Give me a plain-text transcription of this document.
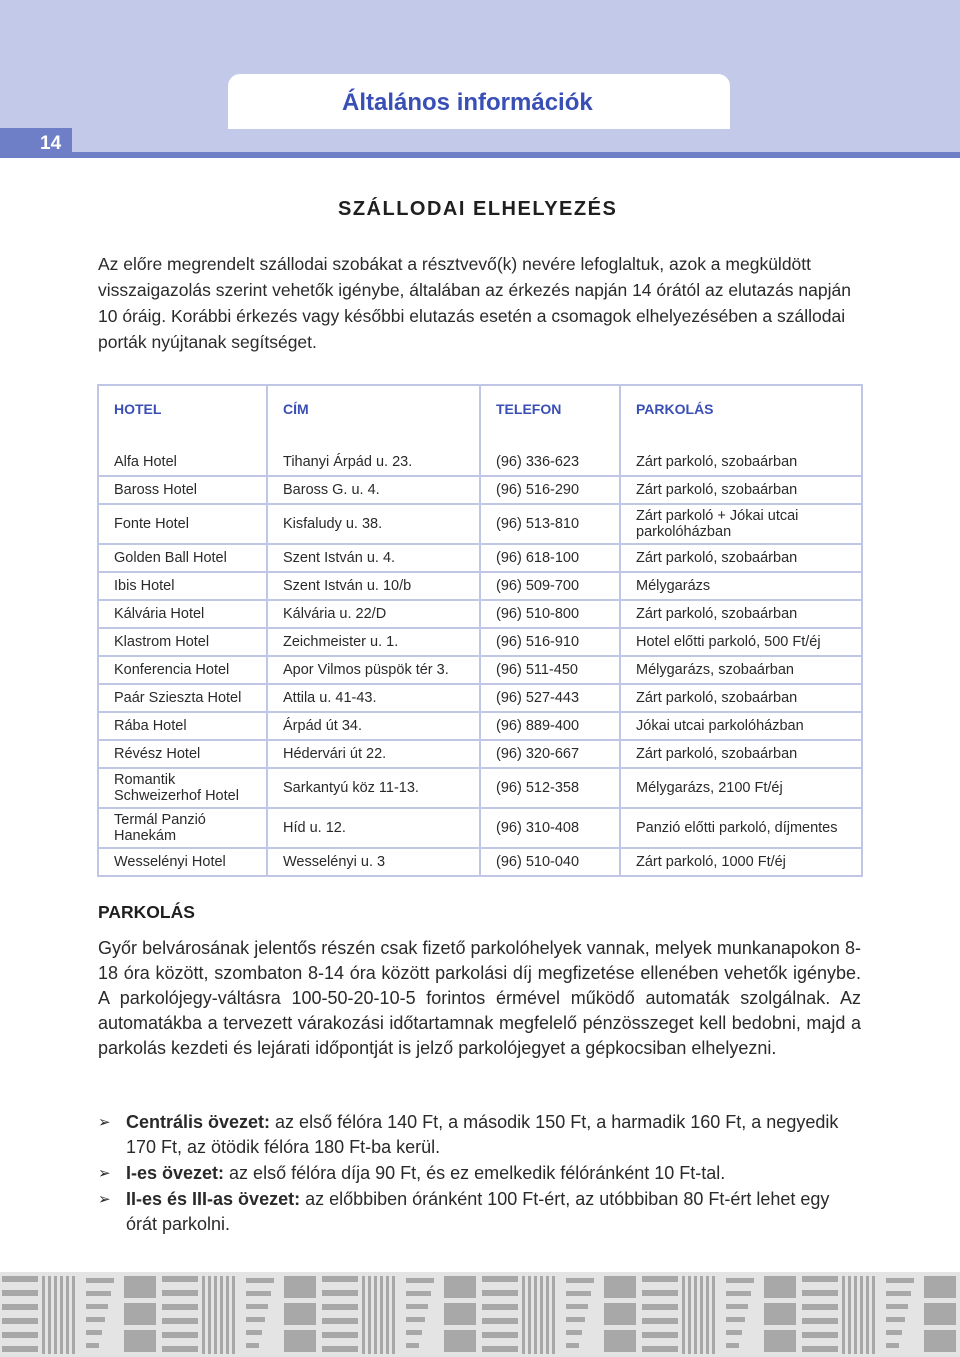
14
Általános információk
SZÁLLODAI ELHELYEZÉS

Az előre megrendelt szállodai szobákat a résztvevő(k) nevére lefoglaltuk, azok a megküldött visszaigazolás szerint vehetők igénybe, általában az érkezés napján 14 órától az elutazás napján 10 óráig. Korábbi érkezés vagy későbbi elutazás esetén a csomagok elhelyezésében a szállodai porták nyújtanak segítséget.

HOTEL	CÍM	TELEFON	PARKOLÁS
Alfa Hotel	Tihanyi Árpád u. 23.	(96) 336-623	Zárt parkoló, szobaárban
Baross Hotel	Baross G. u. 4.	(96) 516-290	Zárt parkoló, szobaárban
Fonte Hotel	Kisfaludy u. 38.	(96) 513-810	Zárt parkoló + Jókai utcai parkolóházban
Golden Ball Hotel	Szent István u. 4.	(96) 618-100	Zárt parkoló, szobaárban
Ibis Hotel	Szent István u. 10/b	(96) 509-700	Mélygarázs
Kálvária Hotel	Kálvária u. 22/D	(96) 510-800	Zárt parkoló, szobaárban
Klastrom Hotel	Zeichmeister u. 1.	(96) 516-910	Hotel előtti parkoló, 500 Ft/éj
Konferencia Hotel	Apor Vilmos püspök tér 3.	(96) 511-450	Mélygarázs, szobaárban
Paár Szieszta Hotel	Attila u. 41-43.	(96) 527-443	Zárt parkoló, szobaárban
Rába Hotel	Árpád út 34.	(96) 889-400	Jókai utcai parkolóházban
Révész Hotel	Hédervári út 22.	(96) 320-667	Zárt parkoló, szobaárban
Romantik Schweizerhof Hotel	Sarkantyú köz 11-13.	(96) 512-358	Mélygarázs, 2100 Ft/éj
Termál Panzió Hanekám	Híd u. 12.	(96) 310-408	Panzió előtti parkoló, díjmentes
Wesselényi Hotel	Wesselényi u. 3	(96) 510-040	Zárt parkoló, 1000 Ft/éj
PARKOLÁS

Győr belvárosának jelentős részén csak fizető parkolóhelyek vannak, melyek munkanapokon 8-18 óra között, szombaton 8-14 óra között parkolási díj megfizetése ellenében vehetők igénybe. A parkolójegy-váltásra 100-50-20-10-5 forintos érmével működő automaták szolgálnak. Az automatákba a tervezett várakozási időtartamnak megfelelő pénzösszeget kell bedobni, majd a parkolás kezdeti és lejárati időpontját is jelző parkolójegyet a gépkocsiban elhelyezni.

➢ Centrális övezet: az első félóra 140 Ft, a második 150 Ft, a harmadik 160 Ft, a negyedik 170 Ft, az ötödik félóra 180 Ft-ba kerül.
➢ I-es övezet: az első félóra díja 90 Ft, és ez emelkedik félóránként 10 Ft-tal.
➢ II-es és III-as övezet: az előbbiben óránként 100 Ft-ért, az utóbbiban 80 Ft-ért lehet egy órát parkolni.
